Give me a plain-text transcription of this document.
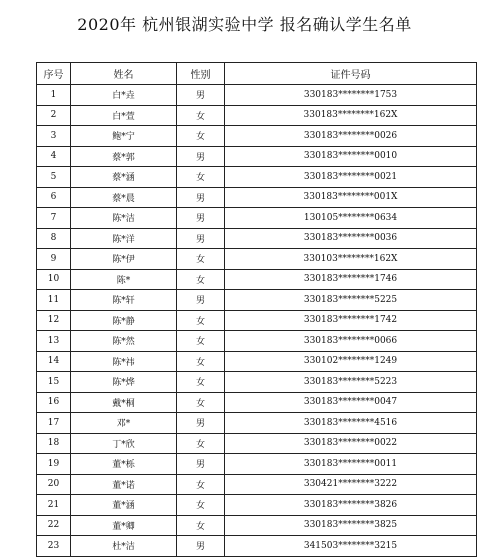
2020年 杭州银湖实验中学 报名确认学生名单
序号	姓名	性别	证件号码
1	白*垚	男	330183********1753
2	白*萱	女	330183********162X
3	鲍*宁	女	330183********0026
4	蔡*郭	男	330183********0010
5	蔡*涵	女	330183********0021
6	蔡*晨	男	330183********001X
7	陈*洁	男	130105********0634
8	陈*洋	男	330183********0036
9	陈*伊	女	330103********162X
10	陈*	女	330183********1746
11	陈*轩	男	330183********5225
12	陈*静	女	330183********1742
13	陈*然	女	330183********0066
14	陈*祎	女	330102********1249
15	陈*烨	女	330183********5223
16	戴*桐	女	330183********0047
17	邓*	男	330183********4516
18	丁*欣	女	330183********0022
19	董*栎	男	330183********0011
20	董*诺	女	330421********3222
21	董*涵	女	330183********3826
22	董*卿	女	330183********3825
23	杜*洁	男	341503********3215
